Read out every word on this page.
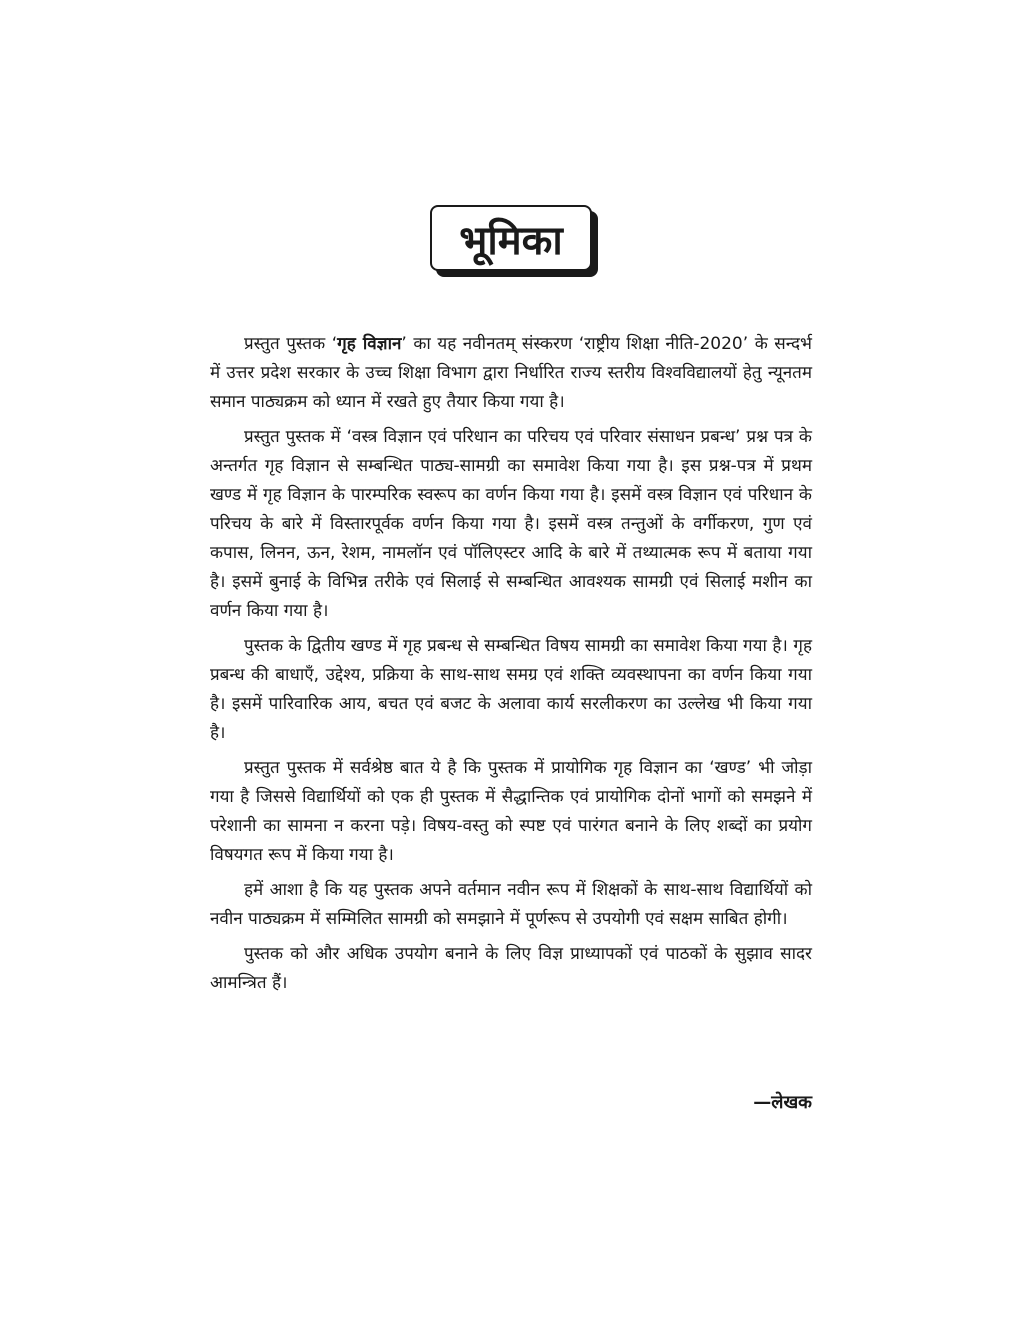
भूमिका

प्रस्तुत पुस्तक ‘गृह विज्ञान’ का यह नवीनतम् संस्करण ‘राष्ट्रीय शिक्षा नीति-2020’ के सन्दर्भ में उत्तर प्रदेश सरकार के उच्च शिक्षा विभाग द्वारा निर्धारित राज्य स्तरीय विश्वविद्यालयों हेतु न्यूनतम समान पाठ्यक्रम को ध्यान में रखते हुए तैयार किया गया है।

प्रस्तुत पुस्तक में ‘वस्त्र विज्ञान एवं परिधान का परिचय एवं परिवार संसाधन प्रबन्ध’ प्रश्न पत्र के अन्तर्गत गृह विज्ञान से सम्बन्धित पाठ्य-सामग्री का समावेश किया गया है। इस प्रश्न-पत्र में प्रथम खण्ड में गृह विज्ञान के पारम्परिक स्वरूप का वर्णन किया गया है। इसमें वस्त्र विज्ञान एवं परिधान के परिचय के बारे में विस्तारपूर्वक वर्णन किया गया है। इसमें वस्त्र तन्तुओं के वर्गीकरण, गुण एवं कपास, लिनन, ऊन, रेशम, नामलॉन एवं पॉलिएस्टर आदि के बारे में तथ्यात्मक रूप में बताया गया है। इसमें बुनाई के विभिन्न तरीके एवं सिलाई से सम्बन्धित आवश्यक सामग्री एवं सिलाई मशीन का वर्णन किया गया है।

पुस्तक के द्वितीय खण्ड में गृह प्रबन्ध से सम्बन्धित विषय सामग्री का समावेश किया गया है। गृह प्रबन्ध की बाधाएँ, उद्देश्य, प्रक्रिया के साथ-साथ समग्र एवं शक्ति व्यवस्थापना का वर्णन किया गया है। इसमें पारिवारिक आय, बचत एवं बजट के अलावा कार्य सरलीकरण का उल्लेख भी किया गया है।

प्रस्तुत पुस्तक में सर्वश्रेष्ठ बात ये है कि पुस्तक में प्रायोगिक गृह विज्ञान का ‘खण्ड’ भी जोड़ा गया है जिससे विद्यार्थियों को एक ही पुस्तक में सैद्धान्तिक एवं प्रायोगिक दोनों भागों को समझने में परेशानी का सामना न करना पड़े। विषय-वस्तु को स्पष्ट एवं पारंगत बनाने के लिए शब्दों का प्रयोग विषयगत रूप में किया गया है।

हमें आशा है कि यह पुस्तक अपने वर्तमान नवीन रूप में शिक्षकों के साथ-साथ विद्यार्थियों को नवीन पाठ्यक्रम में सम्मिलित सामग्री को समझाने में पूर्णरूप से उपयोगी एवं सक्षम साबित होगी।

पुस्तक को और अधिक उपयोग बनाने के लिए विज्ञ प्राध्यापकों एवं पाठकों के सुझाव सादर आमन्त्रित हैं।

—लेखक
